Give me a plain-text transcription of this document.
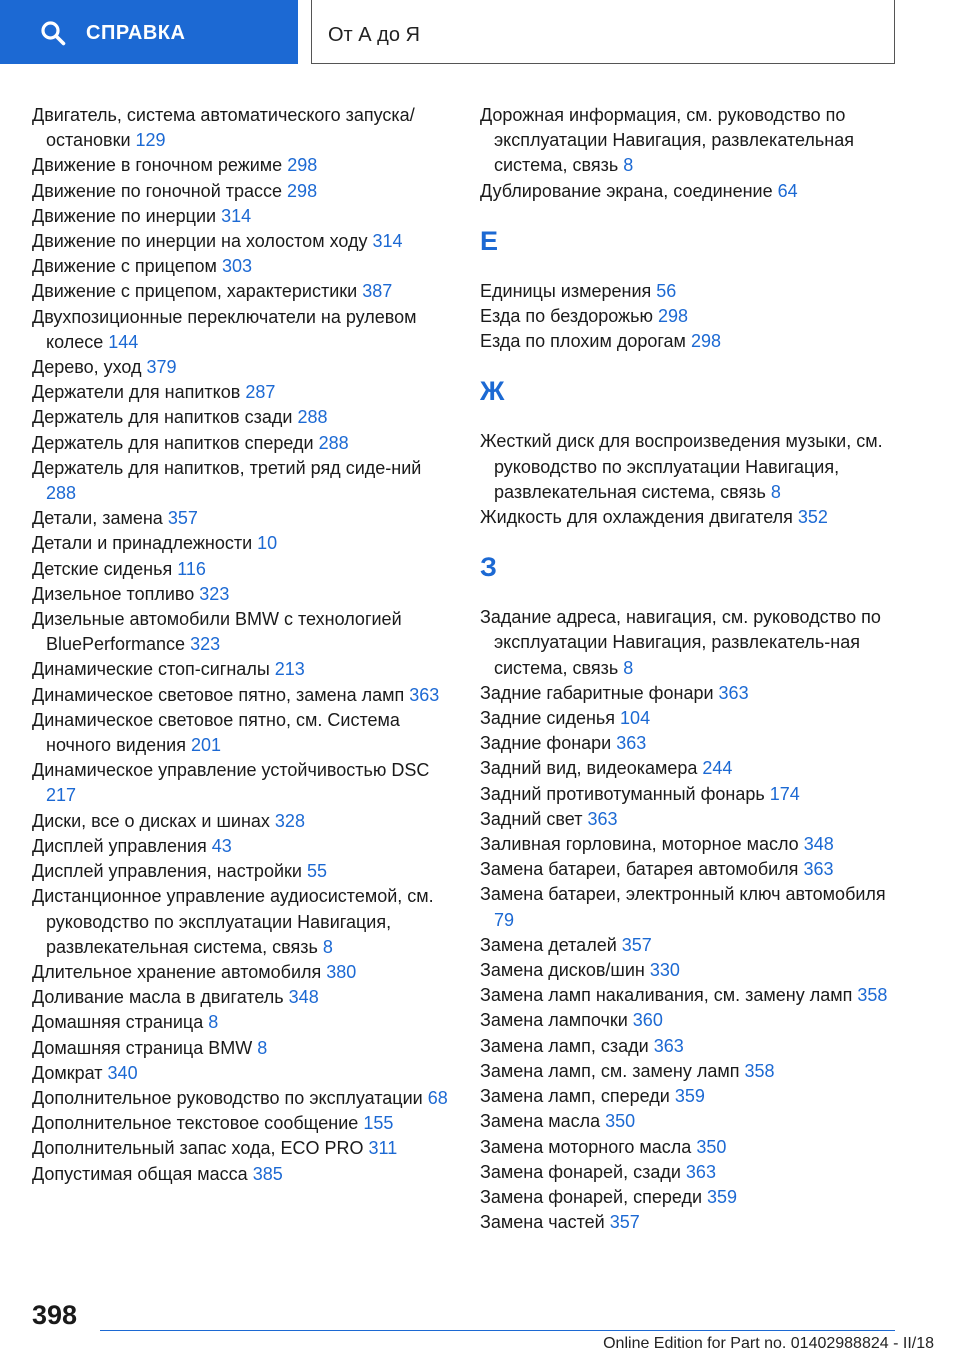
СПРАВКА	От А до Я

Двигатель, система автоматического запуска/остановки 129

Движение в гоночном режиме 298

Движение по гоночной трассе 298

Движение по инерции 314

Движение по инерции на холостом ходу 314

Движение с прицепом 303

Движение с прицепом, характеристики 387

Двухпозиционные переключатели на рулевом колесе 144

Дерево, уход 379

Держатели для напитков 287

Держатель для напитков сзади 288

Держатель для напитков спереди 288

Держатель для напитков, третий ряд сиде-ний 288

Детали, замена 357

Детали и принадлежности 10

Детские сиденья 116

Дизельное топливо 323

Дизельные автомобили BMW с технологией BluePerformance 323

Динамические стоп-сигналы 213

Динамическое световое пятно, замена ламп 363

Динамическое световое пятно, см. Система ночного видения 201

Динамическое управление устойчивостью DSC 217

Диски, все о дисках и шинах 328

Дисплей управления 43

Дисплей управления, настройки 55

Дистанционное управление аудиосистемой, см. руководство по эксплуатации Навигация, развлекательная система, связь 8

Длительное хранение автомобиля 380

Доливание масла в двигатель 348

Домашняя страница 8

Домашняя страница BMW 8

Домкрат 340

Дополнительное руководство по эксплуатации 68

Дополнительное текстовое сообщение 155

Дополнительный запас хода, ECO PRO 311

Допустимая общая масса 385

Дорожная информация, см. руководство по эксплуатации Навигация, развлекательная система, связь 8

Дублирование экрана, соединение 64

Е

Единицы измерения 56

Езда по бездорожью 298

Езда по плохим дорогам 298

Ж

Жесткий диск для воспроизведения музыки, см. руководство по эксплуатации Навигация, развлекательная система, связь 8

Жидкость для охлаждения двигателя 352

З

Задание адреса, навигация, см. руководство по эксплуатации Навигация, развлекатель-ная система, связь 8

Задние габаритные фонари 363

Задние сиденья 104

Задние фонари 363

Задний вид, видеокамера 244

Задний противотуманный фонарь 174

Задний свет 363

Заливная горловина, моторное масло 348

Замена батареи, батарея автомобиля 363

Замена батареи, электронный ключ автомобиля 79

Замена деталей 357

Замена дисков/шин 330

Замена ламп накаливания, см. замену ламп 358

Замена лампочки 360

Замена ламп, сзади 363

Замена ламп, см. замену ламп 358

Замена ламп, спереди 359

Замена масла 350

Замена моторного масла 350

Замена фонарей, сзади 363

Замена фонарей, спереди 359

Замена частей 357

398
Online Edition for Part no. 01402988824 - II/18
